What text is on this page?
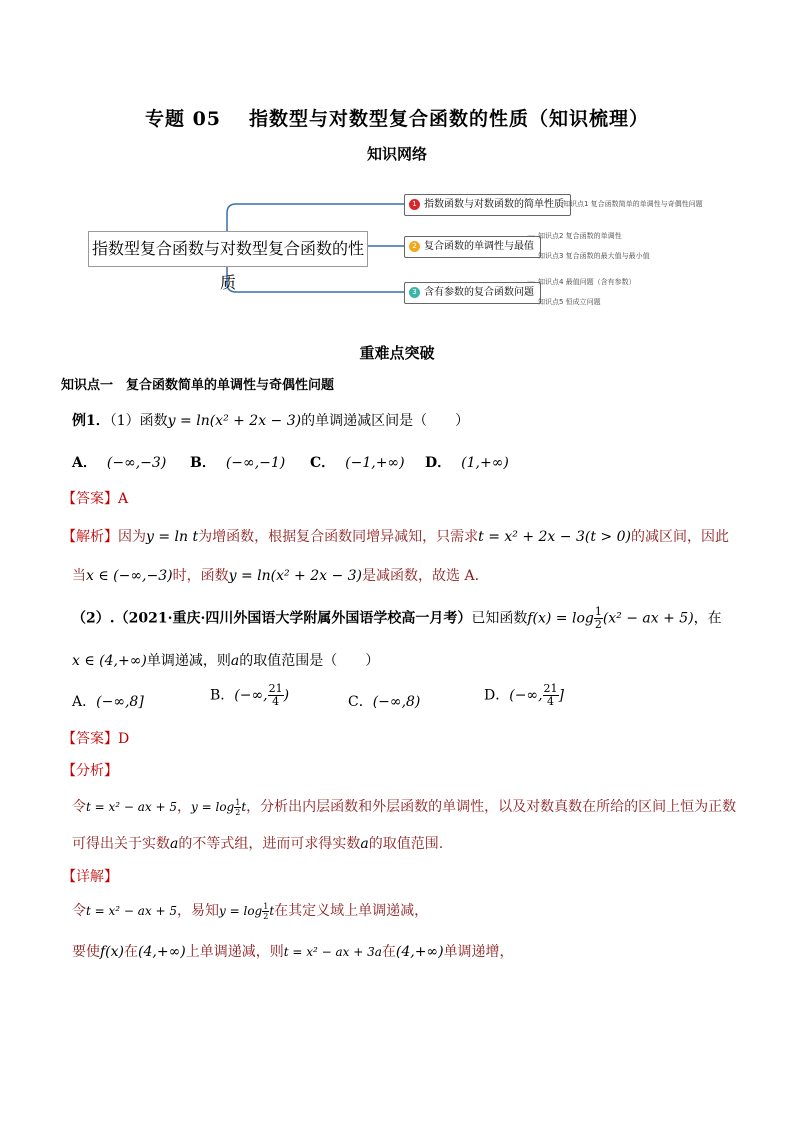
专题 05 指数型与对数型复合函数的性质（知识梳理）
知识网络
指数型复合函数与对数型复合函数的性质
1 指数函数与对数函数的简单性质
2 复合函数的单调性与最值
3 含有参数的复合函数问题
知识点1 复合函数简单的单调性与奇偶性问题
知识点2 复合函数的单调性
知识点3 复合函数的最大值与最小值
知识点4 最值问题（含有参数）
知识点5 恒成立问题
重难点突破
知识点一　复合函数简单的单调性与奇偶性问题
例1．（1）函数y = ln(x² + 2x − 3)的单调递减区间是（　　）
A． (−∞,−3) B． (−∞,−1) C． (−1,+∞) D． (1,+∞)
【答案】A
【解析】因为y = ln t为增函数，根据复合函数同增异减知，只需求t = x² + 2x − 3(t > 0)的减区间，因此
当x ∈ (−∞,−3)时，函数y = ln(x² + 2x − 3)是减函数，故选 A.
（2）.（2021·重庆·四川外国语大学附属外国语学校高一月考）已知函数$f(x) = \log \frac{1}{2} (x^2$ − ax + 5)，在
x ∈ (4,+∞)单调递减，则a的取值范围是（　　）
A．(−∞,8]	B．(−∞, $\frac{21}{4}$ )	C．(−∞,8)	D．(−∞, $\frac{21}{4}$ ]
【答案】D
【分析】
令t = x² − ax + 5，$y = \log \frac{1}{2}$ t，分析出内层函数和外层函数的单调性，以及对数真数在所给的区间上恒为正数
可得出关于实数a的不等式组，进而可求得实数a的取值范围.
【详解】
令t = x² − ax + 5，易知$y = \log \frac{1}{2}$ t在其定义域上单调递减，
要使f(x)在(4,+∞)上单调递减，则t = x² − ax + 3a在(4,+∞)单调递增，
